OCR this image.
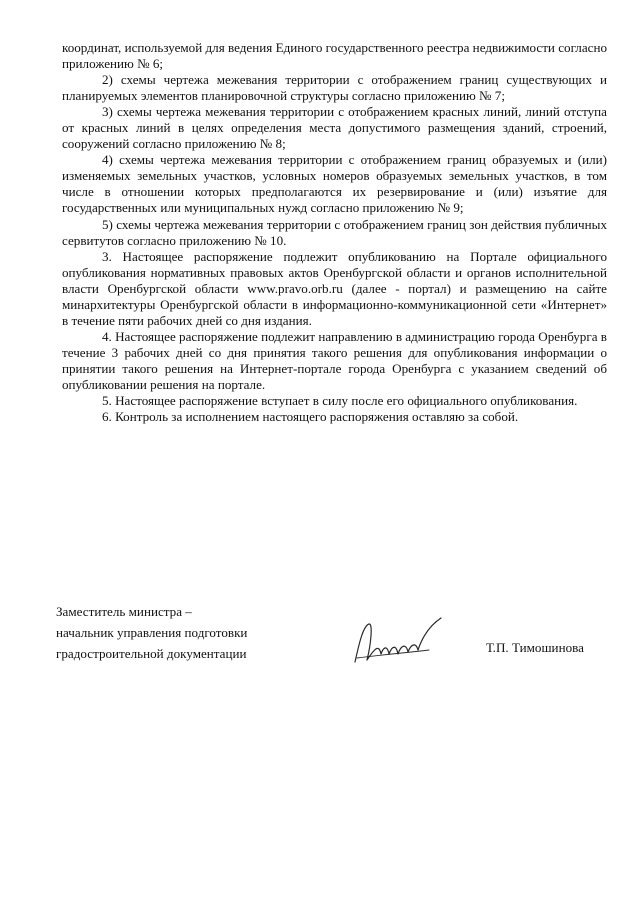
координат, используемой для ведения Единого государственного реестра недвижимости согласно приложению № 6;

2) схемы чертежа межевания территории с отображением границ существующих и планируемых элементов планировочной структуры согласно приложению № 7;

3) схемы чертежа межевания территории с отображением красных линий, линий отступа от красных линий в целях определения места допустимого размещения зданий, строений, сооружений согласно приложению № 8;

4) схемы чертежа межевания территории с отображением границ образуемых и (или) изменяемых земельных участков, условных номеров образуемых земельных участков, в том числе в отношении которых предполагаются их резервирование и (или) изъятие для государственных или муниципальных нужд согласно приложению № 9;

5) схемы чертежа межевания территории с отображением границ зон действия публичных сервитутов согласно приложению № 10.

3. Настоящее распоряжение подлежит опубликованию на Портале официального опубликования нормативных правовых актов Оренбургской области и органов исполнительной власти Оренбургской области www.pravo.orb.ru (далее - портал) и размещению на сайте минархитектуры Оренбургской области в информационно-коммуникационной сети «Интернет» в течение пяти рабочих дней со дня издания.

4. Настоящее распоряжение подлежит направлению в администрацию города Оренбурга в течение 3 рабочих дней со дня принятия такого решения для опубликования информации о принятии такого решения на Интернет-портале города Оренбурга с указанием сведений об опубликовании решения на портале.

5. Настоящее распоряжение вступает в силу после его официального опубликования.

6. Контроль за исполнением настоящего распоряжения оставляю за собой.

Заместитель министра –
начальник управления подготовки
градостроительной документации	Т.П. Тимошинова
